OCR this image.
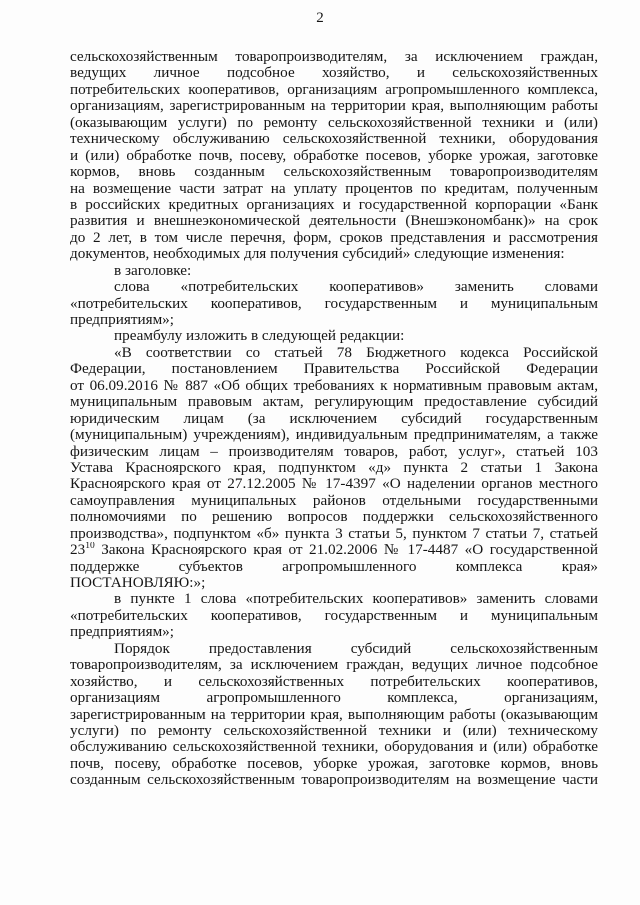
2
сельскохозяйственным товаропроизводителям, за исключением граждан,
ведущих личное подсобное хозяйство, и сельскохозяйственных
потребительских кооперативов, организациям агропромышленного комплекса,
организациям, зарегистрированным на территории края, выполняющим работы
(оказывающим услуги) по ремонту сельскохозяйственной техники и (или)
техническому обслуживанию сельскохозяйственной техники, оборудования
и (или) обработке почв, посеву, обработке посевов, уборке урожая, заготовке
кормов, вновь созданным сельскохозяйственным товаропроизводителям
на возмещение части затрат на уплату процентов по кредитам, полученным
в российских кредитных организациях и государственной корпорации «Банк
развития и внешнеэкономической деятельности (Внешэкономбанк)» на срок
до 2 лет, в том числе перечня, форм, сроков представления и рассмотрения
документов, необходимых для получения субсидий» следующие изменения:
в заголовке:
слова «потребительских кооперативов» заменить словами
«потребительских кооперативов, государственным и муниципальным
предприятиям»;
преамбулу изложить в следующей редакции:
«В соответствии со статьей 78 Бюджетного кодекса Российской
Федерации, постановлением Правительства Российской Федерации
от 06.09.2016 № 887 «Об общих требованиях к нормативным правовым актам,
муниципальным правовым актам, регулирующим предоставление субсидий
юридическим лицам (за исключением субсидий государственным
(муниципальным) учреждениям), индивидуальным предпринимателям, а также
физическим лицам – производителям товаров, работ, услуг», статьей 103
Устава Красноярского края, подпунктом «д» пункта 2 статьи 1 Закона
Красноярского края от 27.12.2005 № 17-4397 «О наделении органов местного
самоуправления муниципальных районов отдельными государственными
полномочиями по решению вопросов поддержки сельскохозяйственного
производства», подпунктом «б» пункта 3 статьи 5, пунктом 7 статьи 7, статьей
$23^{10}$ Закона Красноярского края от 21.02.2006 № 17-4487 «О государственной
поддержке субъектов агропромышленного комплекса края»
ПОСТАНОВЛЯЮ:»;
в пункте 1 слова «потребительских кооперативов» заменить словами
«потребительских кооперативов, государственным и муниципальным
предприятиям»;
Порядок предоставления субсидий сельскохозяйственным
товаропроизводителям, за исключением граждан, ведущих личное подсобное
хозяйство, и сельскохозяйственных потребительских кооперативов,
организациям агропромышленного комплекса, организациям,
зарегистрированным на территории края, выполняющим работы (оказывающим
услуги) по ремонту сельскохозяйственной техники и (или) техническому
обслуживанию сельскохозяйственной техники, оборудования и (или) обработке
почв, посеву, обработке посевов, уборке урожая, заготовке кормов, вновь
созданным сельскохозяйственным товаропроизводителям на возмещение части
